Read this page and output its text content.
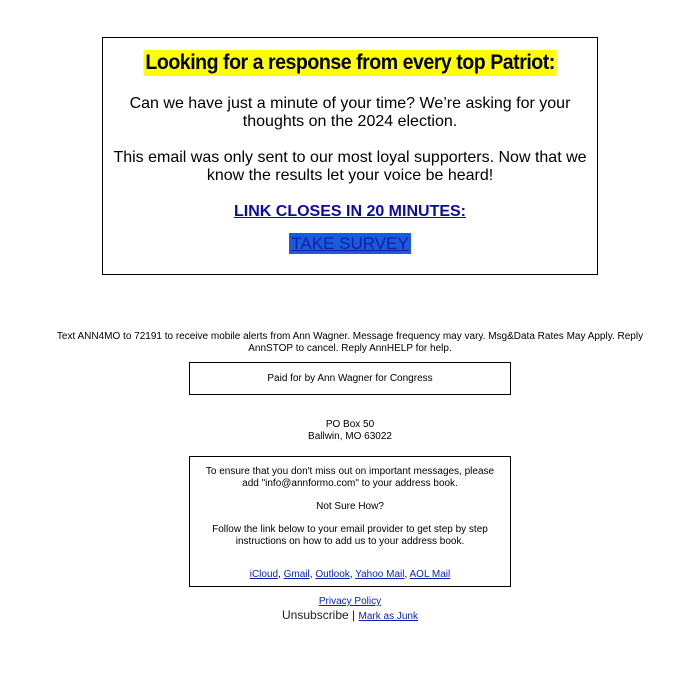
Looking for a response from every top Patriot:

Can we have just a minute of your time? We’re asking for your thoughts on the 2024 election.

This email was only sent to our most loyal supporters. Now that we know the results let your voice be heard!

LINK CLOSES IN 20 MINUTES:
TAKE SURVEY
Text ANN4MO to 72191 to receive mobile alerts from Ann Wagner. Message frequency may vary. Msg&Data Rates May Apply. Reply AnnSTOP to cancel. Reply AnnHELP for help.
Paid for by Ann Wagner for Congress
PO Box 50
Ballwin, MO 63022
To ensure that you don't miss out on important messages, please add "info@annformo.com" to your address book.
Not Sure How?
Follow the link below to your email provider to get step by step instructions on how to add us to your address book.
iCloud, Gmail, Outlook, Yahoo Mail, AOL Mail
Privacy Policy
Unsubscribe | Mark as Junk
